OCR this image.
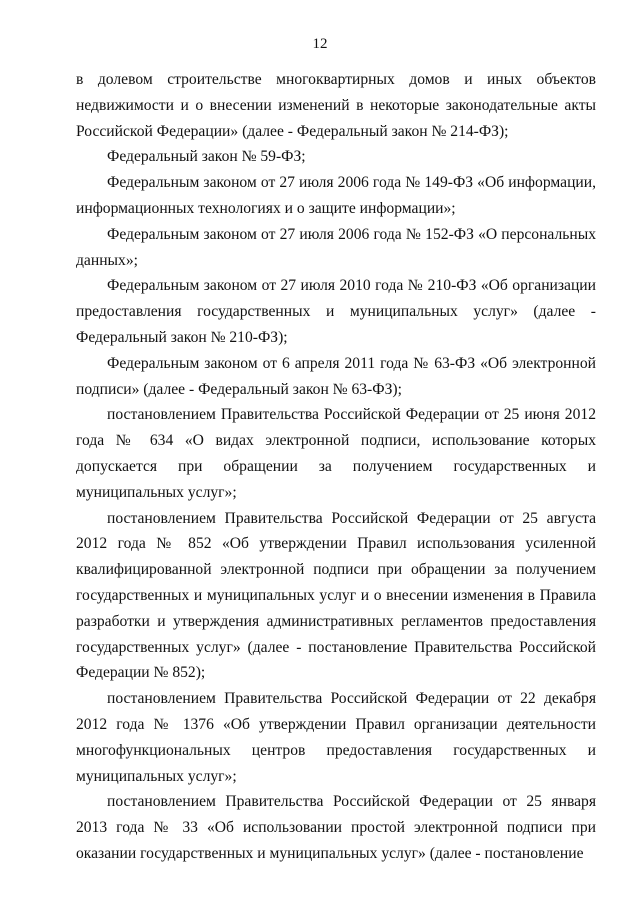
12

в долевом строительстве многоквартирных домов и иных объектов недвижимости и о внесении изменений в некоторые законодательные акты Российской Федерации» (далее - Федеральный закон № 214-ФЗ);

Федеральный закон № 59-ФЗ;

Федеральным законом от 27 июля 2006 года № 149-ФЗ «Об информации, информационных технологиях и о защите информации»;

Федеральным законом от 27 июля 2006 года № 152-ФЗ «О персональных данных»;

Федеральным законом от 27 июля 2010 года № 210-ФЗ «Об организации предоставления государственных и муниципальных услуг» (далее - Федеральный закон № 210-ФЗ);

Федеральным законом от 6 апреля 2011 года № 63-ФЗ «Об электронной подписи» (далее - Федеральный закон № 63-ФЗ);

постановлением Правительства Российской Федерации от 25 июня 2012 года № 634 «О видах электронной подписи, использование которых допускается при обращении за получением государственных и муниципальных услуг»;

постановлением Правительства Российской Федерации от 25 августа 2012 года № 852 «Об утверждении Правил использования усиленной квалифицированной электронной подписи при обращении за получением государственных и муниципальных услуг и о внесении изменения в Правила разработки и утверждения административных регламентов предоставления государственных услуг» (далее - постановление Правительства Российской Федерации № 852);

постановлением Правительства Российской Федерации от 22 декабря 2012 года № 1376 «Об утверждении Правил организации деятельности многофункциональных центров предоставления государственных и муниципальных услуг»;

постановлением Правительства Российской Федерации от 25 января 2013 года № 33 «Об использовании простой электронной подписи при оказании государственных и муниципальных услуг» (далее - постановление
